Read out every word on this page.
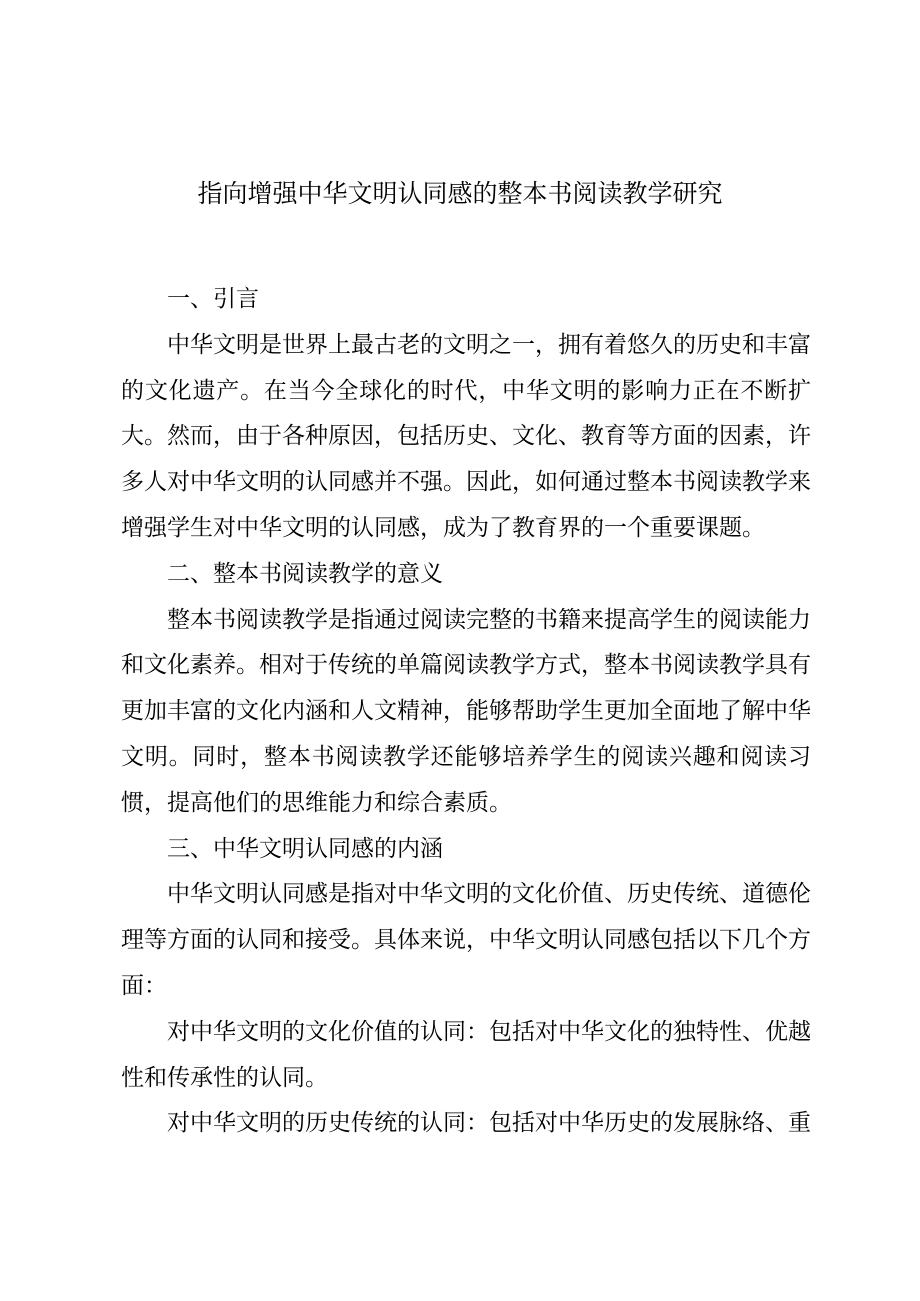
指向增强中华文明认同感的整本书阅读教学研究

一、引言

中华文明是世界上最古老的文明之一，拥有着悠久的历史和丰富的文化遗产。在当今全球化的时代，中华文明的影响力正在不断扩大。然而，由于各种原因，包括历史、文化、教育等方面的因素，许多人对中华文明的认同感并不强。因此，如何通过整本书阅读教学来增强学生对中华文明的认同感，成为了教育界的一个重要课题。

二、整本书阅读教学的意义

整本书阅读教学是指通过阅读完整的书籍来提高学生的阅读能力和文化素养。相对于传统的单篇阅读教学方式，整本书阅读教学具有更加丰富的文化内涵和人文精神，能够帮助学生更加全面地了解中华文明。同时，整本书阅读教学还能够培养学生的阅读兴趣和阅读习惯，提高他们的思维能力和综合素质。

三、中华文明认同感的内涵

中华文明认同感是指对中华文明的文化价值、历史传统、道德伦理等方面的认同和接受。具体来说，中华文明认同感包括以下几个方面：

对中华文明的文化价值的认同：包括对中华文化的独特性、优越性和传承性的认同。

对中华文明的历史传统的认同：包括对中华历史的发展脉络、重
